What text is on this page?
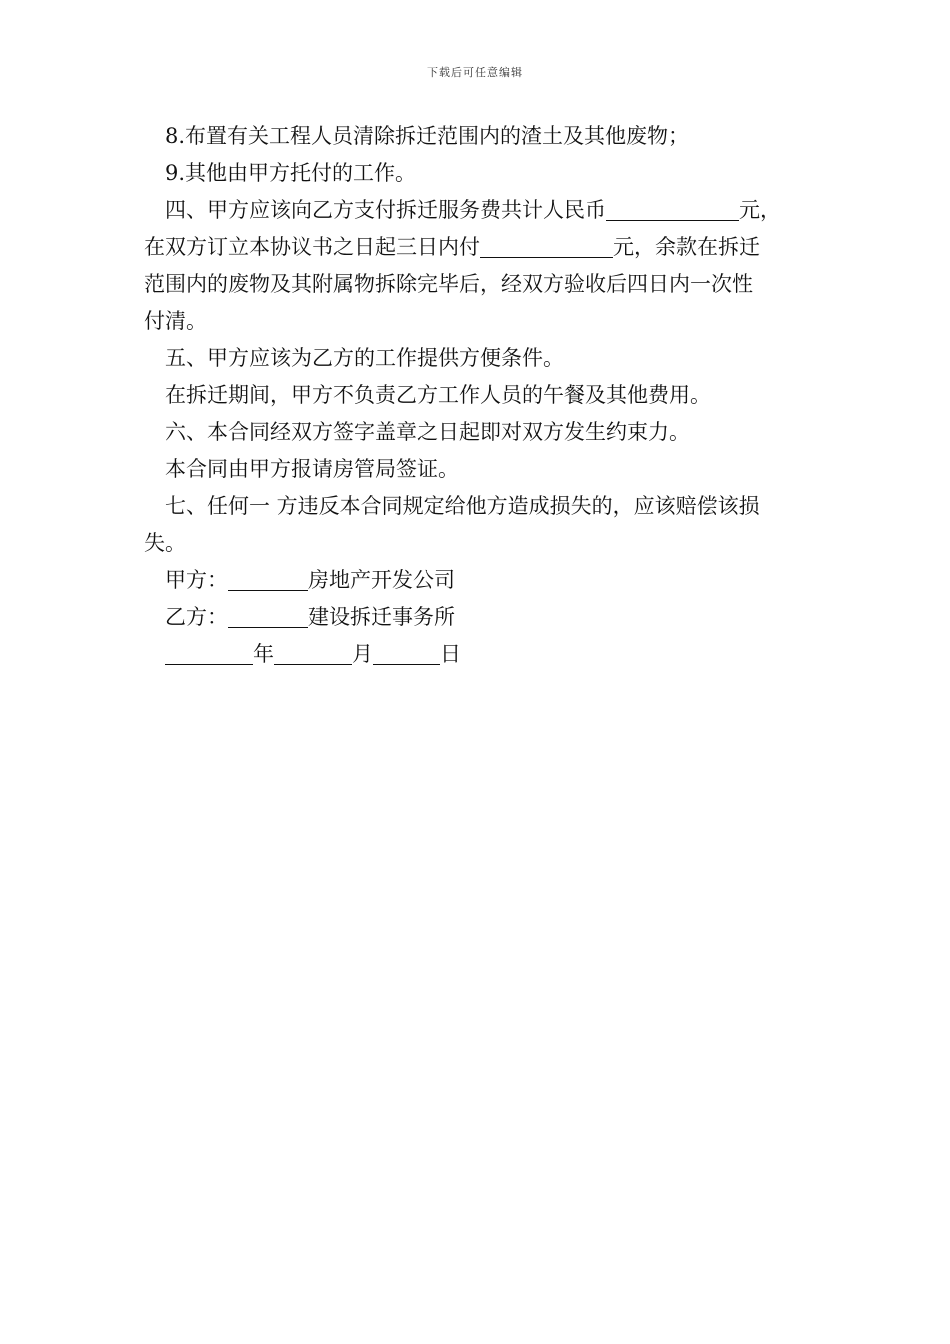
下载后可任意编辑
8.布置有关工程人员清除拆迁范围内的渣土及其他废物；
9.其他由甲方托付的工作。
四、甲方应该向乙方支付拆迁服务费共计人民币	元，
在双方订立本协议书之日起三日内付	元，余款在拆迁
范围内的废物及其附属物拆除完毕后，经双方验收后四日内一次性
付清。
五、甲方应该为乙方的工作提供方便条件。
在拆迁期间，甲方不负责乙方工作人员的午餐及其他费用。
六、本合同经双方签字盖章之日起即对双方发生约束力。
本合同由甲方报请房管局签证。
七、任何一 方违反本合同规定给他方造成损失的，应该赔偿该损
失。
甲方：	房地产开发公司
乙方：	建设拆迁事务所
年	月	日
